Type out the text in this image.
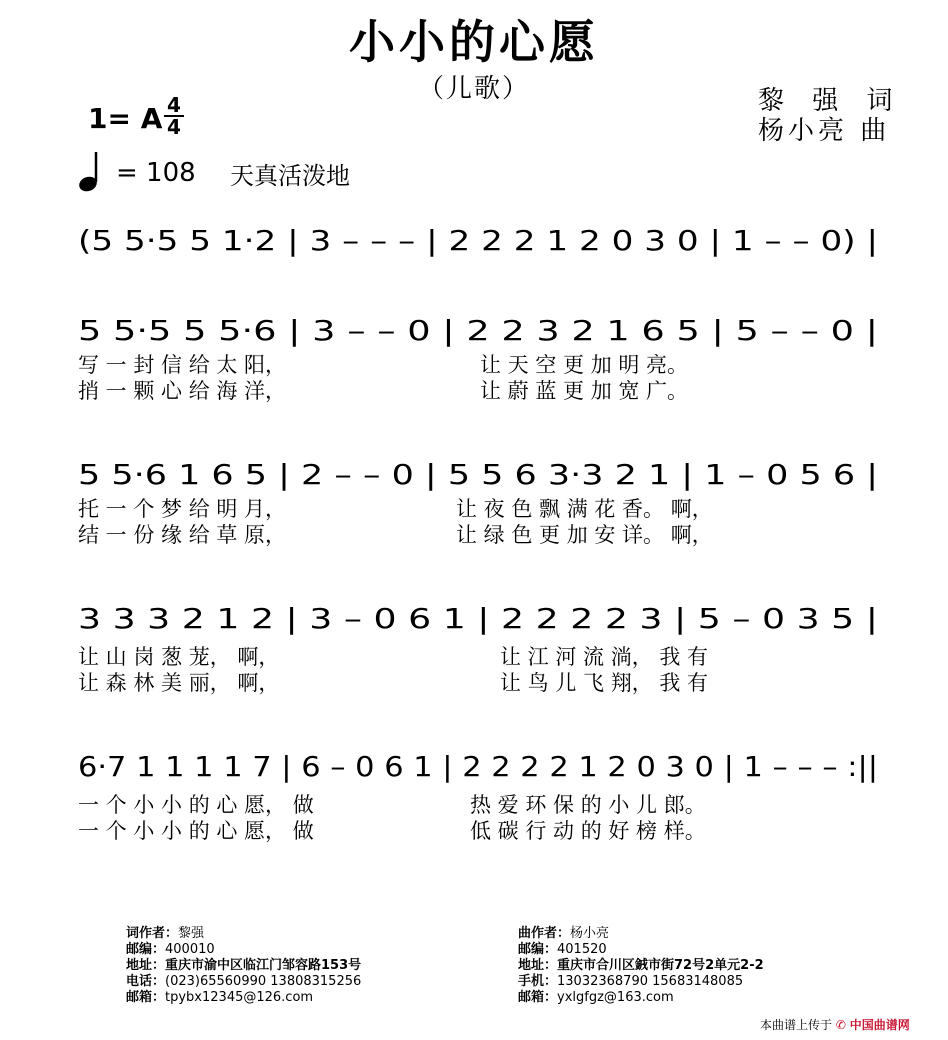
小小的心愿
（儿歌）	黎 强 词
杨小亮 曲
1= A 4
4
= 108 天真活泼地
(5 5·5 5 1·2 | 3 – – – | 2 2 2 1 2 0 3 0 | 1 – – 0) |
5 5·5 5 5·6 | 3 – – 0 | 2 2 3 2 1 6 5 | 5 – – 0 |
写 一 封 信 给 太 阳，	让 天 空 更 加 明 亮。
捎 一 颗 心 给 海 洋，	让 蔚 蓝 更 加 宽 广。
5 5·6 1 6 5 | 2 – – 0 | 5 5 6 3·3 2 1 | 1 – 0 5 6 |
托 一 个 梦 给 明 月，	让 夜 色 飘 满 花 香。 啊，
结 一 份 缘 给 草 原，	让 绿 色 更 加 安 详。 啊，
3 3 3 2 1 2 | 3 – 0 6 1 | 2 2 2 2 3 | 5 – 0 3 5 |
让 山 岗 葱 茏， 啊，	让 江 河 流 淌， 我 有
让 森 林 美 丽， 啊，	让 鸟 儿 飞 翔， 我 有
6·7 1 1 1 1 7 | 6 – 0 6 1 | 2 2 2 2 1 2 0 3 0 | 1 – – – :||
一 个 小 小 的 心 愿， 做	热 爱 环 保 的 小 儿 郎。
一 个 小 小 的 心 愿， 做	低 碳 行 动 的 好 榜 样。
词作者：黎强
邮编：400010
地址：重庆市渝中区临江门邹容路153号
电话：(023)65560990 13808315256
邮箱：tpybx12345@126.com
曲作者：杨小亮
邮编：401520
地址：重庆市合川区銊市街72号2单元2-2
手机：13032368790 15683148085
邮箱：yxlgfgz@163.com
本曲谱上传于 ✆ 中国曲谱网
